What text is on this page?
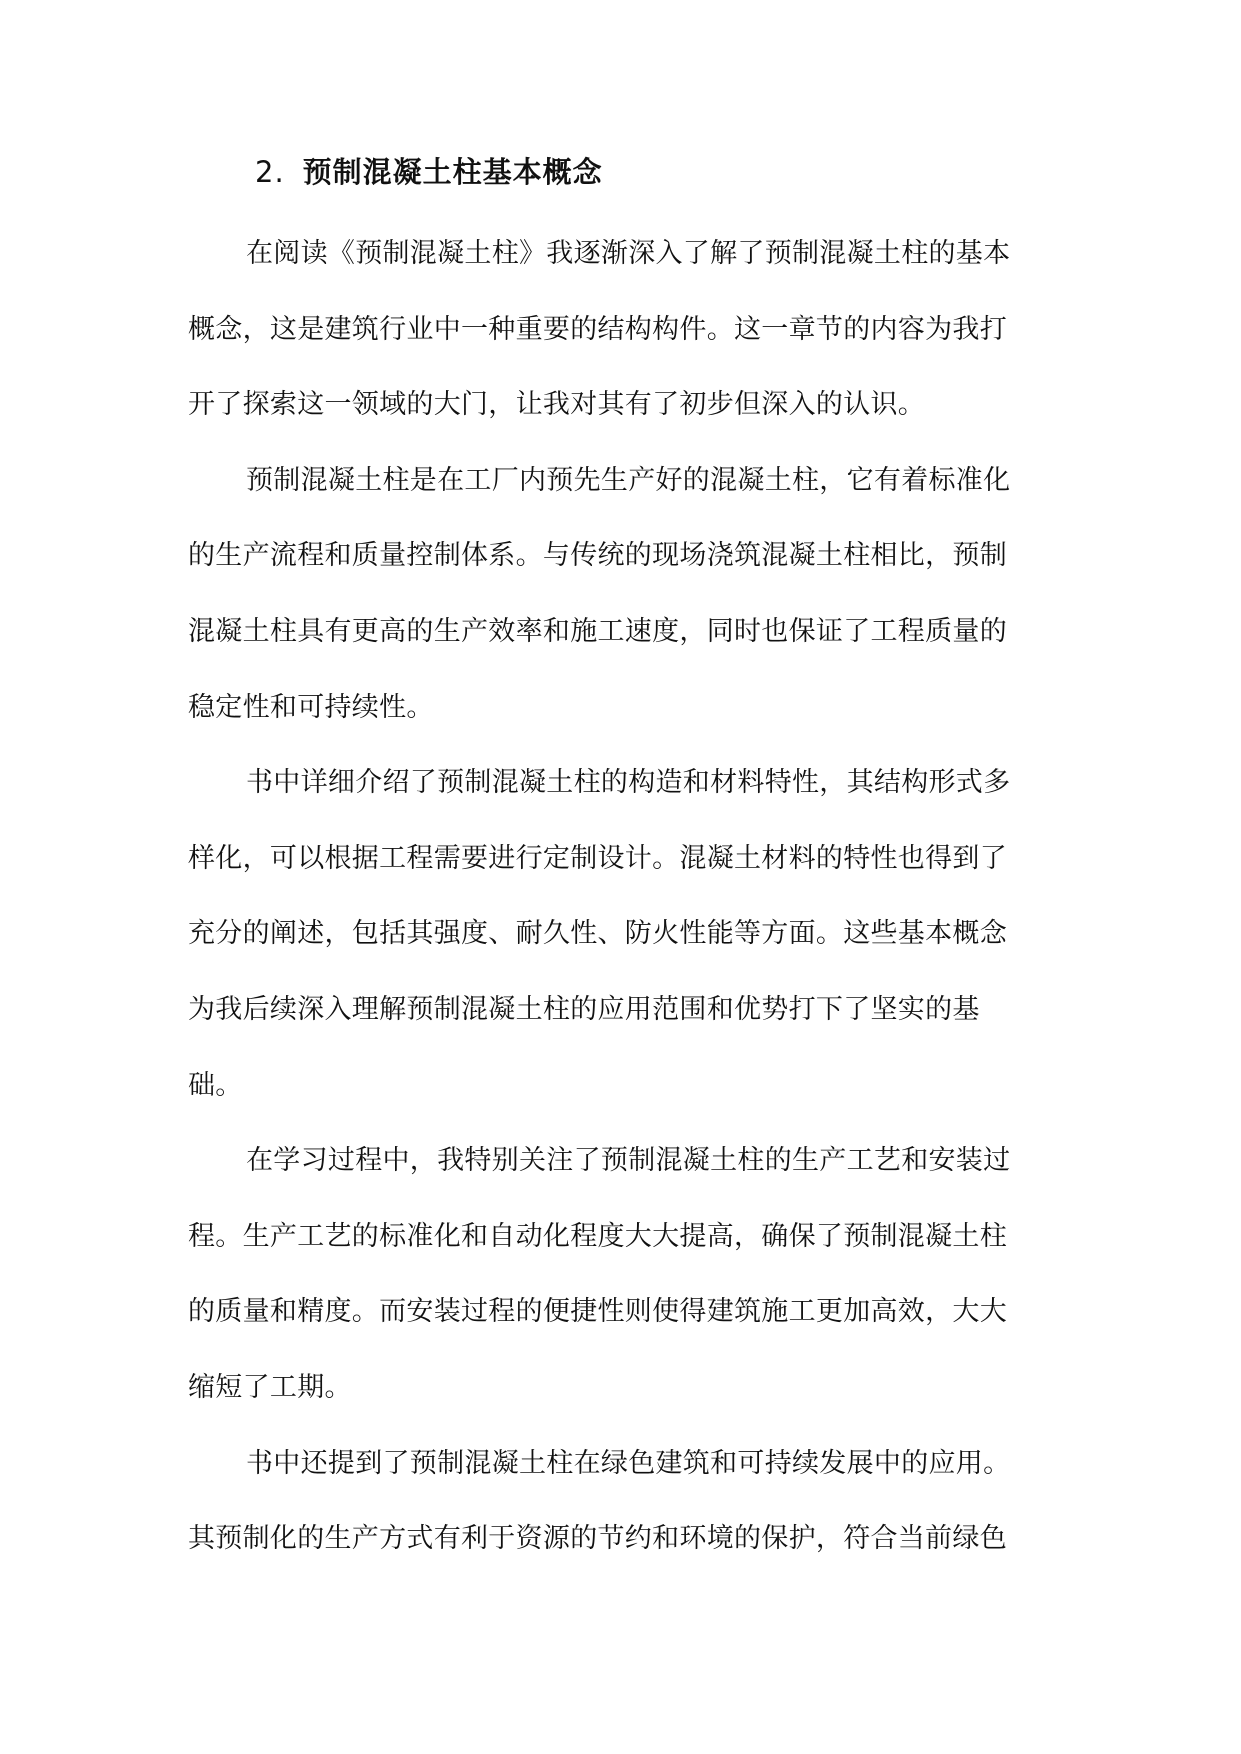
2. 预制混凝土柱基本概念
在阅读《预制混凝土柱》我逐渐深入了解了预制混凝土柱的基本
概念，这是建筑行业中一种重要的结构构件。这一章节的内容为我打
开了探索这一领域的大门，让我对其有了初步但深入的认识。
预制混凝土柱是在工厂内预先生产好的混凝土柱，它有着标准化
的生产流程和质量控制体系。与传统的现场浇筑混凝土柱相比，预制
混凝土柱具有更高的生产效率和施工速度，同时也保证了工程质量的
稳定性和可持续性。
书中详细介绍了预制混凝土柱的构造和材料特性，其结构形式多
样化，可以根据工程需要进行定制设计。混凝土材料的特性也得到了
充分的阐述，包括其强度、耐久性、防火性能等方面。这些基本概念
为我后续深入理解预制混凝土柱的应用范围和优势打下了坚实的基
础。
在学习过程中，我特别关注了预制混凝土柱的生产工艺和安装过
程。生产工艺的标准化和自动化程度大大提高，确保了预制混凝土柱
的质量和精度。而安装过程的便捷性则使得建筑施工更加高效，大大
缩短了工期。
书中还提到了预制混凝土柱在绿色建筑和可持续发展中的应用。
其预制化的生产方式有利于资源的节约和环境的保护，符合当前绿色
